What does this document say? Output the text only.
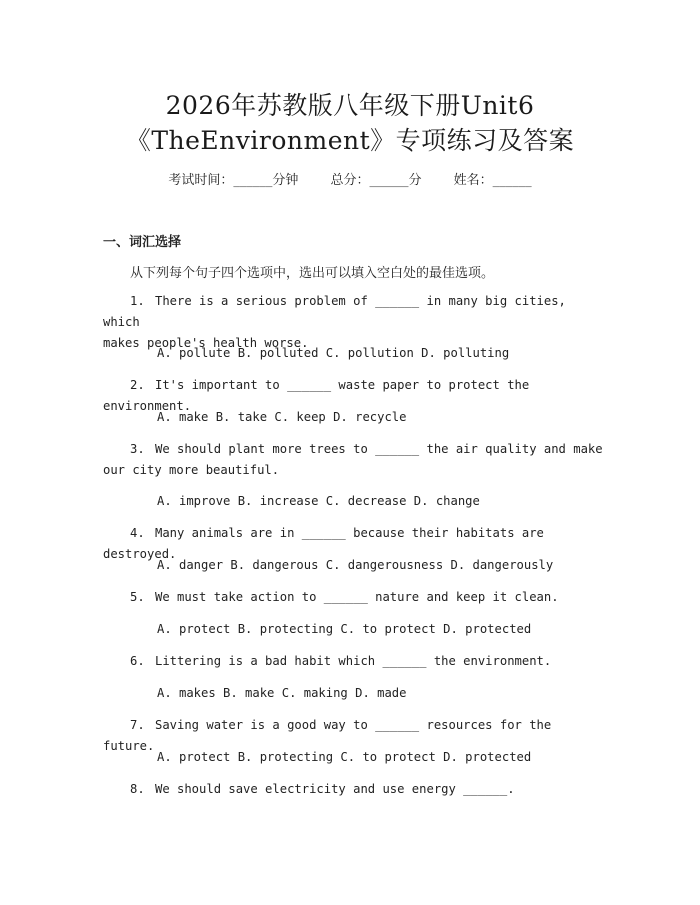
2026年苏教版八年级下册Unit6
《TheEnvironment》专项练习及答案
考试时间：______分钟 总分：______分 姓名：______
一、词汇选择
从下列每个句子四个选项中，选出可以填入空白处的最佳选项。
1. There is a serious problem of ______ in many big cities, which
makes people's health worse.
A. pollute B. polluted C. pollution D. polluting
2. It's important to ______ waste paper to protect the environment.
A. make B. take C. keep D. recycle
3. We should plant more trees to ______ the air quality and make
our city more beautiful.
A. improve B. increase C. decrease D. change
4. Many animals are in ______ because their habitats are destroyed.
A. danger B. dangerous C. dangerousness D. dangerously
5. We must take action to ______ nature and keep it clean.
A. protect B. protecting C. to protect D. protected
6. Littering is a bad habit which ______ the environment.
A. makes B. make C. making D. made
7. Saving water is a good way to ______ resources for the future.
A. protect B. protecting C. to protect D. protected
8. We should save electricity and use energy ______.
